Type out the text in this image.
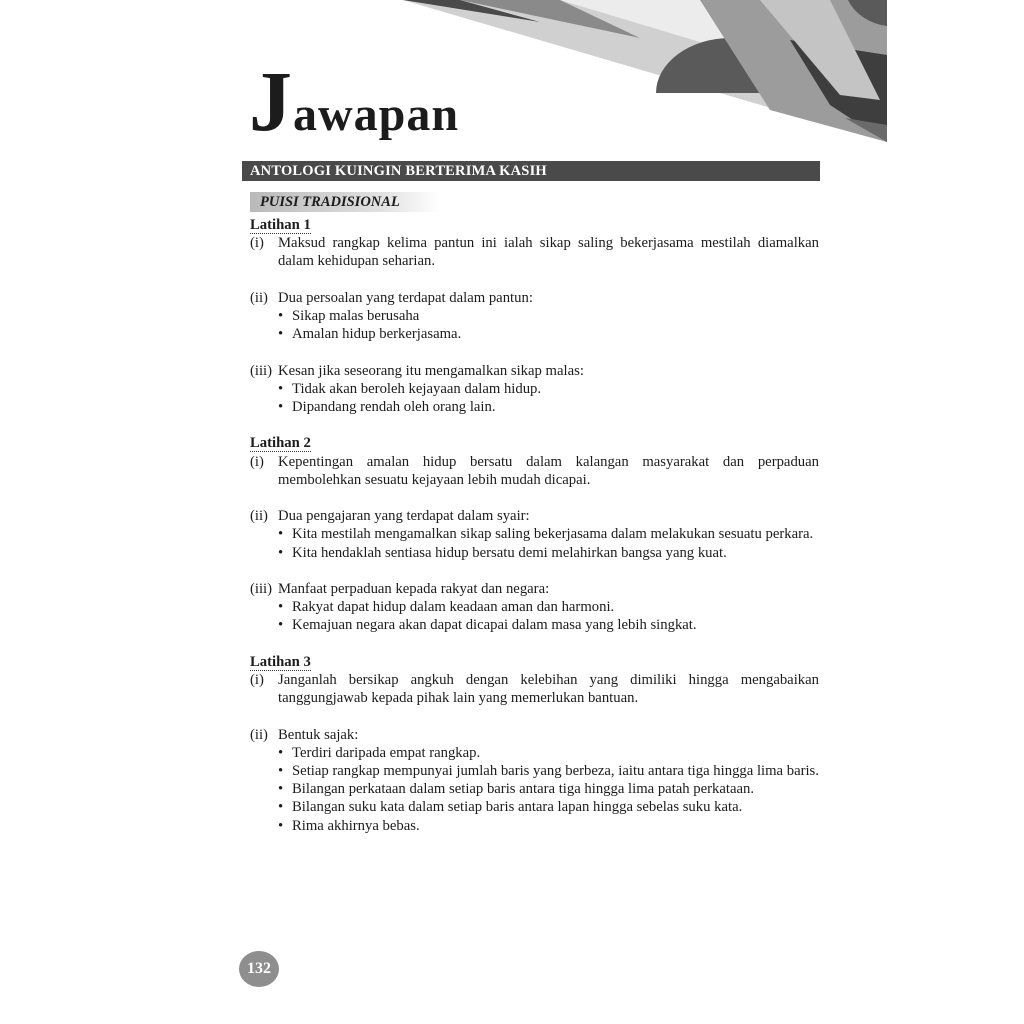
Jawapan
ANTOLOGI KUINGIN BERTERIMA KASIH
PUISI TRADISIONAL
Latihan 1
(i) Maksud rangkap kelima pantun ini ialah sikap saling bekerjasama mestilah diamalkan dalam kehidupan seharian.
(ii) Dua persoalan yang terdapat dalam pantun:
• Sikap malas berusaha
• Amalan hidup berkerjasama.
(iii) Kesan jika seseorang itu mengamalkan sikap malas:
• Tidak akan beroleh kejayaan dalam hidup.
• Dipandang rendah oleh orang lain.
Latihan 2
(i) Kepentingan amalan hidup bersatu dalam kalangan masyarakat dan perpaduan membolehkan sesuatu kejayaan lebih mudah dicapai.
(ii) Dua pengajaran yang terdapat dalam syair:
• Kita mestilah mengamalkan sikap saling bekerjasama dalam melakukan sesuatu perkara.
• Kita hendaklah sentiasa hidup bersatu demi melahirkan bangsa yang kuat.
(iii) Manfaat perpaduan kepada rakyat dan negara:
• Rakyat dapat hidup dalam keadaan aman dan harmoni.
• Kemajuan negara akan dapat dicapai dalam masa yang lebih singkat.
Latihan 3
(i) Janganlah bersikap angkuh dengan kelebihan yang dimiliki hingga mengabaikan tanggungjawab kepada pihak lain yang memerlukan bantuan.
(ii) Bentuk sajak:
• Terdiri daripada empat rangkap.
• Setiap rangkap mempunyai jumlah baris yang berbeza, iaitu antara tiga hingga lima baris.
• Bilangan perkataan dalam setiap baris antara tiga hingga lima patah perkataan.
• Bilangan suku kata dalam setiap baris antara lapan hingga sebelas suku kata.
• Rima akhirnya bebas.
132
